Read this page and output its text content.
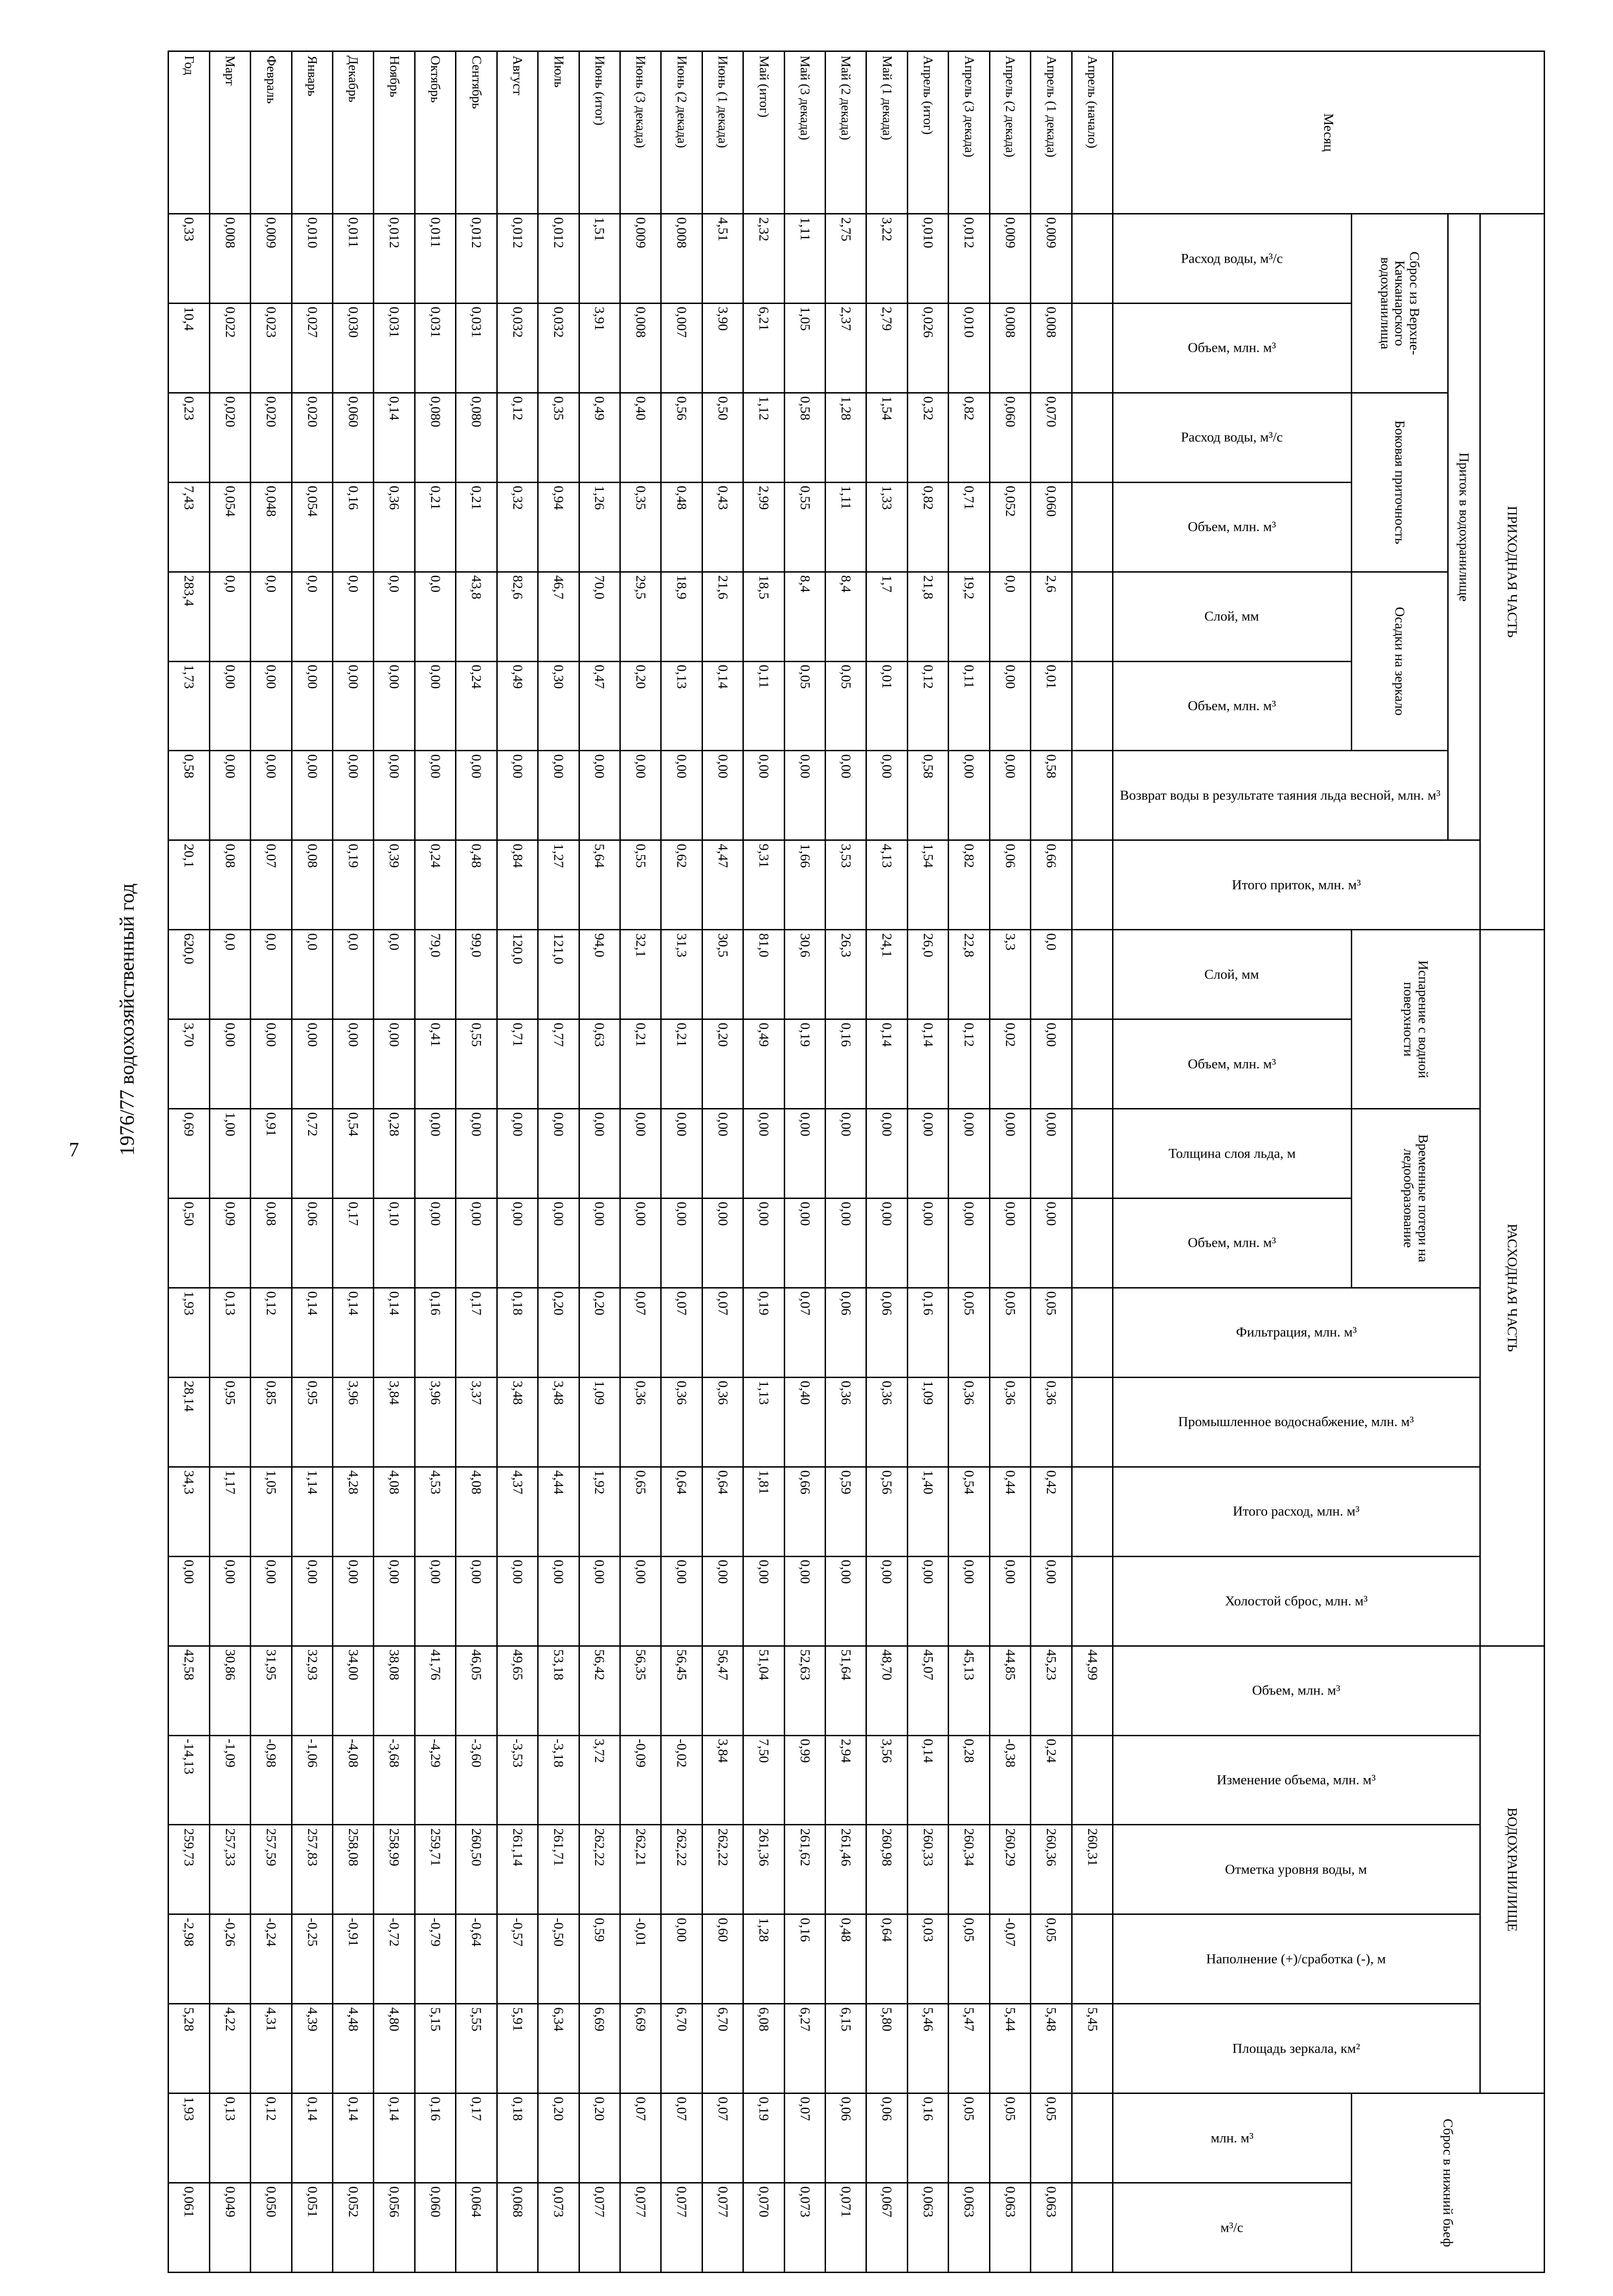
7 1976/77 водохозяйственный год
Месяц	ПРИХОДНАЯ ЧАСТЬ								РАСХОДНАЯ ЧАСТЬ								ВОДОХРАНИЛИЩЕ					Сброс в нижний бьеф	
	Приток в водохранилище							Итого приток, млн. м³	Испарение с водной поверхности		Временные потери на ледообразование		Фильтрация, млн. м³	Промышленное водоснабжение, млн. м³	Итого расход, млн. м³	Холостой сброс, млн. м³	Объем, млн. м³	Изменение объема, млн. м³	Отметка уровня воды, м	Наполнение (+)/сработка (-), м	Площадь зеркала, км²		
	Сброс из Верхне-Качканарского водохранилища		Боковая приточность		Осадки на зеркало		Возврат воды в результате таяния льда весной, млн. м³																
	Расход воды, м³/с	Объем, млн. м³	Расход воды, м³/с	Объем, млн. м³	Слой, мм	Объем, млн. м³			Слой, мм	Объем, млн. м³	Толщина слоя льда, м	Объем, млн. м³										млн. м³	м³/с
Апрель (начало)																	44,99		260,31		5,45		
Апрель (1 декада)	0,009	0,008	0,070	0,060	2,6	0,01	0,58	0,66	0,0	0,00	0,00	0,00	0,05	0,36	0,42	0,00	45,23	0,24	260,36	0,05	5,48	0,05	0,063
Апрель (2 декада)	0,009	0,008	0,060	0,052	0,0	0,00	0,00	0,06	3,3	0,02	0,00	0,00	0,05	0,36	0,44	0,00	44,85	-0,38	260,29	-0,07	5,44	0,05	0,063
Апрель (3 декада)	0,012	0,010	0,82	0,71	19,2	0,11	0,00	0,82	22,8	0,12	0,00	0,00	0,05	0,36	0,54	0,00	45,13	0,28	260,34	0,05	5,47	0,05	0,063
Апрель (итог)	0,010	0,026	0,32	0,82	21,8	0,12	0,58	1,54	26,0	0,14	0,00	0,00	0,16	1,09	1,40	0,00	45,07	0,14	260,33	0,03	5,46	0,16	0,063
Май (1 декада)	3,22	2,79	1,54	1,33	1,7	0,01	0,00	4,13	24,1	0,14	0,00	0,00	0,06	0,36	0,56	0,00	48,70	3,56	260,98	0,64	5,80	0,06	0,067
Май (2 декада)	2,75	2,37	1,28	1,11	8,4	0,05	0,00	3,53	26,3	0,16	0,00	0,00	0,06	0,36	0,59	0,00	51,64	2,94	261,46	0,48	6,15	0,06	0,071
Май (3 декада)	1,11	1,05	0,58	0,55	8,4	0,05	0,00	1,66	30,6	0,19	0,00	0,00	0,07	0,40	0,66	0,00	52,63	0,99	261,62	0,16	6,27	0,07	0,073
Май (итог)	2,32	6,21	1,12	2,99	18,5	0,11	0,00	9,31	81,0	0,49	0,00	0,00	0,19	1,13	1,81	0,00	51,04	7,50	261,36	1,28	6,08	0,19	0,070
Июнь (1 декада)	4,51	3,90	0,50	0,43	21,6	0,14	0,00	4,47	30,5	0,20	0,00	0,00	0,07	0,36	0,64	0,00	56,47	3,84	262,22	0,60	6,70	0,07	0,077
Июнь (2 декада)	0,008	0,007	0,56	0,48	18,9	0,13	0,00	0,62	31,3	0,21	0,00	0,00	0,07	0,36	0,64	0,00	56,45	-0,02	262,22	0,00	6,70	0,07	0,077
Июнь (3 декада)	0,009	0,008	0,40	0,35	29,5	0,20	0,00	0,55	32,1	0,21	0,00	0,00	0,07	0,36	0,65	0,00	56,35	-0,09	262,21	-0,01	6,69	0,07	0,077
Июнь (итог)	1,51	3,91	0,49	1,26	70,0	0,47	0,00	5,64	94,0	0,63	0,00	0,00	0,20	1,09	1,92	0,00	56,42	3,72	262,22	0,59	6,69	0,20	0,077
Июль	0,012	0,032	0,35	0,94	46,7	0,30	0,00	1,27	121,0	0,77	0,00	0,00	0,20	3,48	4,44	0,00	53,18	-3,18	261,71	-0,50	6,34	0,20	0,073
Август	0,012	0,032	0,12	0,32	82,6	0,49	0,00	0,84	120,0	0,71	0,00	0,00	0,18	3,48	4,37	0,00	49,65	-3,53	261,14	-0,57	5,91	0,18	0,068
Сентябрь	0,012	0,031	0,080	0,21	43,8	0,24	0,00	0,48	99,0	0,55	0,00	0,00	0,17	3,37	4,08	0,00	46,05	-3,60	260,50	-0,64	5,55	0,17	0,064
Октябрь	0,011	0,031	0,080	0,21	0,0	0,00	0,00	0,24	79,0	0,41	0,00	0,00	0,16	3,96	4,53	0,00	41,76	-4,29	259,71	-0,79	5,15	0,16	0,060
Ноябрь	0,012	0,031	0,14	0,36	0,0	0,00	0,00	0,39	0,0	0,00	0,28	0,10	0,14	3,84	4,08	0,00	38,08	-3,68	258,99	-0,72	4,80	0,14	0,056
Декабрь	0,011	0,030	0,060	0,16	0,0	0,00	0,00	0,19	0,0	0,00	0,54	0,17	0,14	3,96	4,28	0,00	34,00	-4,08	258,08	-0,91	4,48	0,14	0,052
Январь	0,010	0,027	0,020	0,054	0,0	0,00	0,00	0,08	0,0	0,00	0,72	0,06	0,14	0,95	1,14	0,00	32,93	-1,06	257,83	-0,25	4,39	0,14	0,051
Февраль	0,009	0,023	0,020	0,048	0,0	0,00	0,00	0,07	0,0	0,00	0,91	0,08	0,12	0,85	1,05	0,00	31,95	-0,98	257,59	-0,24	4,31	0,12	0,050
Март	0,008	0,022	0,020	0,054	0,0	0,00	0,00	0,08	0,0	0,00	1,00	0,09	0,13	0,95	1,17	0,00	30,86	-1,09	257,33	-0,26	4,22	0,13	0,049
Год	0,33	10,4	0,23	7,43	283,4	1,73	0,58	20,1	620,0	3,70	0,69	0,50	1,93	28,14	34,3	0,00	42,58	-14,13	259,73	-2,98	5,28	1,93	0,061
